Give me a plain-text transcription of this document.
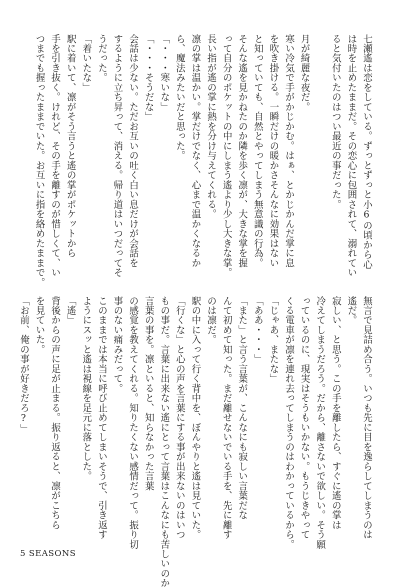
七瀬遙は恋をしている。ずっとずっと小6の頃から心
は時を止めたままだ。その恋心に包囲されて、溺れてい
ると気付いたのはつい最近の事だった。

月が綺麗な夜だ。
寒い冷気で手がかじかむ。はぁ、とかじかんだ掌に息
を吹き掛ける。一瞬だけの暖かさそんなに効果はない
と知っていても、自然とやってしまう無意識の行為。
そんな遙を見かねたのか隣を歩く凛が、大きな掌を握
って自分のポケットの中にしまう遙より少し大きな掌。
長い指が遙の掌に熱を分け与えてくれる。
凛の掌は温かい。掌だけでなく、心まで温かくなるか
ら、魔法みたいだと思った。
「・・・寒いな」
「・・・そうだな」
会話は少ない。ただお互いの吐く白い息だけが会話を
するように立ち昇って、消える。帰り道はいつだってそ
うだった。
「着いたな」
駅に着いて、凛がそう言うと遙の掌がポケットから
手を引き抜く。けれど、その手を離すのが惜しくて、い
つまでも握ったままでいた。お互いに指を絡めたままで。
無言で見詰め合う。いつも先に目を逸らしてしまうのは
遙だ。
寂しい、と思う。この手を離したら、すぐに遙の掌は
冷えてしまうだろう。だから、離さないで欲しい。そう願
っているのに、現実はそうもいかない。もうじきやって
くる電車が凛を連れ去ってしまうのはわかっているから。
「じゃあ、またな」
「ああ・・・」
「また」と言う言葉が、こんなにも寂しい言葉だな
んて初めて知った。まだ離せないでいる手を、先に離す
のは凛だ。
駅の中に入って行く背中を、ぼんやりと遙は見ていた。
「行くな」と心の声を言葉にする事が出来ないのはいつ
もの事だ。言葉に出来ない遙にとって言葉はこんなにも苦しいのか
言葉の事を。凛といると、知らなかった言葉
の感覚を教えてくれる。知りたくない感情だって。振り切
事のない痛みだって。
このままでは本当に呼び止めてしまいそうで、引き返す
ようにスッと遙は視線を足元に落とした。
「遙」
背後からの声に足が止まる。振り返ると、凛がこちら
を見ていた。
「お前、俺の事が好きだろ?」
5 SEASONS
